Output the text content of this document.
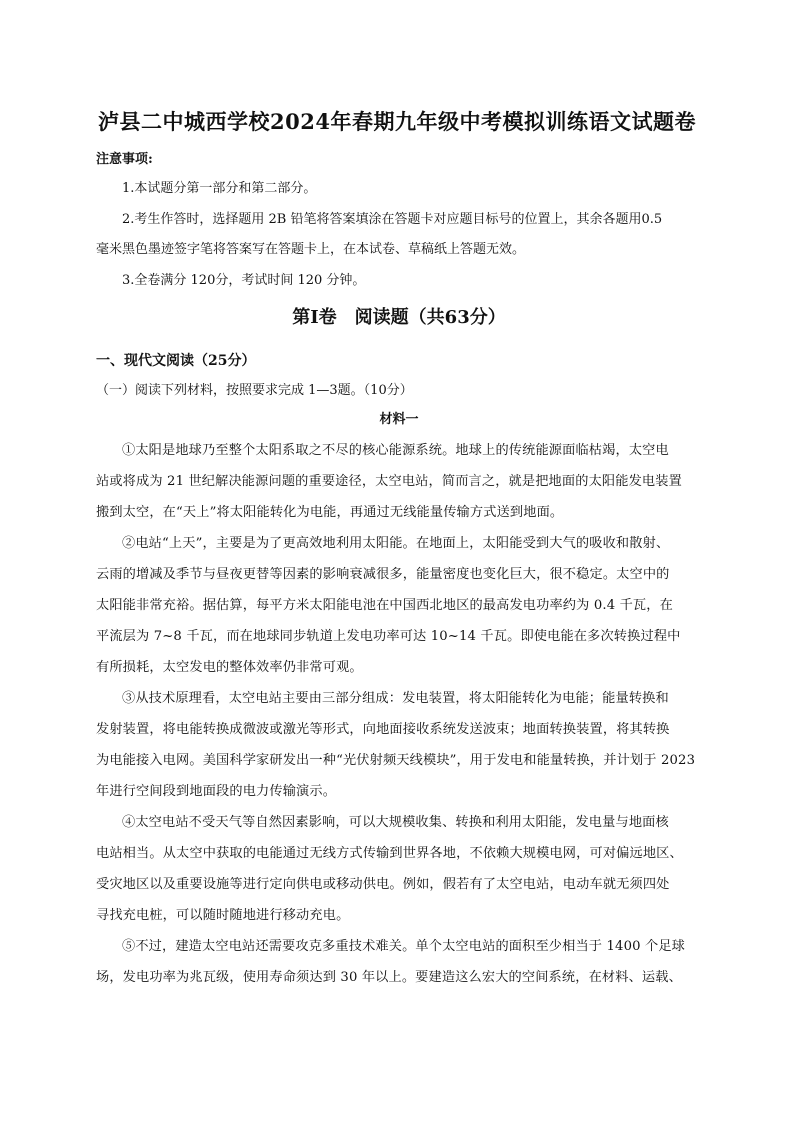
泸县二中城西学校2024年春期九年级中考模拟训练语文试题卷

注意事项:

1.本试题分第一部分和第二部分。

2.考生作答时，选择题用 2B 铅笔将答案填涂在答题卡对应题目标号的位置上，其余各题用0.5

毫米黑色墨迹签字笔将答案写在答题卡上，在本试卷、草稿纸上答题无效。

3.全卷满分 120分，考试时间 120 分钟。

第Ⅰ卷　阅读题（共63分）

一、现代文阅读（25分）

（一）阅读下列材料，按照要求完成 1—3题。（10分）

材料一

①太阳是地球乃至整个太阳系取之不尽的核心能源系统。地球上的传统能源面临枯竭，太空电

站或将成为 21 世纪解决能源问题的重要途径，太空电站，简而言之，就是把地面的太阳能发电装置

搬到太空，在“天上”将太阳能转化为电能，再通过无线能量传输方式送到地面。

②电站“上天”，主要是为了更高效地利用太阳能。在地面上，太阳能受到大气的吸收和散射、

云雨的增减及季节与昼夜更替等因素的影响衰减很多，能量密度也变化巨大，很不稳定。太空中的

太阳能非常充裕。据估算，每平方米太阳能电池在中国西北地区的最高发电功率约为 0.4 千瓦，在

平流层为 7~8 千瓦，而在地球同步轨道上发电功率可达 10~14 千瓦。即使电能在多次转换过程中

有所损耗，太空发电的整体效率仍非常可观。

③从技术原理看，太空电站主要由三部分组成：发电装置，将太阳能转化为电能；能量转换和

发射装置，将电能转换成微波或激光等形式，向地面接收系统发送波束；地面转换装置，将其转换

为电能接入电网。美国科学家研发出一种“光伏射频天线模块”，用于发电和能量转换，并计划于 2023

年进行空间段到地面段的电力传输演示。

④太空电站不受天气等自然因素影响，可以大规模收集、转换和利用太阳能，发电量与地面核

电站相当。从太空中获取的电能通过无线方式传输到世界各地，不依赖大规模电网，可对偏远地区、

受灾地区以及重要设施等进行定向供电或移动供电。例如，假若有了太空电站，电动车就无须四处

寻找充电桩，可以随时随地进行移动充电。

⑤不过，建造太空电站还需要攻克多重技术难关。单个太空电站的面积至少相当于 1400 个足球

场，发电功率为兆瓦级，使用寿命须达到 30 年以上。要建造这么宏大的空间系统，在材料、运载、
